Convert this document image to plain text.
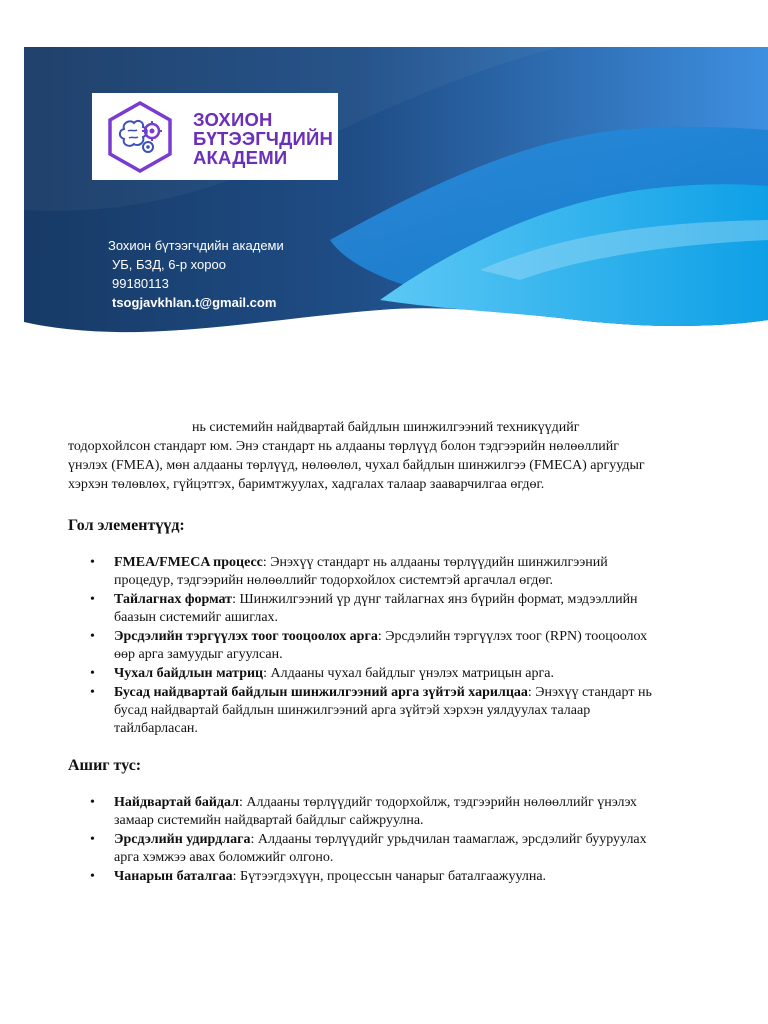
ЗОХИОН
БҮТЭЭГЧДИЙН
АКАДЕМИ
Зохион бүтээгчдийн академи
УБ, БЗД, 6-р хороо
99180113
tsogjavkhlan.t@gmail.com

нь системийн найдвартай байдлын шинжилгээний техникүүдийг
тодорхойлсон стандарт юм. Энэ стандарт нь алдааны төрлүүд болон тэдгээрийн нөлөөллийг
үнэлэх (FMEA), мөн алдааны төрлүүд, нөлөөлөл, чухал байдлын шинжилгээ (FMECA) аргуудыг
хэрхэн төлөвлөх, гүйцэтгэх, баримтжуулах, хадгалах талаар зааварчилгаа өгдөг.

Гол элементүүд:
• FMEA/FMECA процесс: Энэхүү стандарт нь алдааны төрлүүдийн шинжилгээний
процедур, тэдгээрийн нөлөөллийг тодорхойлох системтэй аргачлал өгдөг.
• Тайлагнах формат: Шинжилгээний үр дүнг тайлагнах янз бүрийн формат, мэдээллийн
баазын системийг ашиглах.
• Эрсдэлийн тэргүүлэх тоог тооцоолох арга: Эрсдэлийн тэргүүлэх тоог (RPN) тооцоолох
өөр арга замуудыг агуулсан.
• Чухал байдлын матриц: Алдааны чухал байдлыг үнэлэх матрицын арга.
• Бусад найдвартай байдлын шинжилгээний арга зүйтэй харилцаа: Энэхүү стандарт нь
бусад найдвартай байдлын шинжилгээний арга зүйтэй хэрхэн уялдуулах талаар
тайлбарласан.
Ашиг тус:
• Найдвартай байдал: Алдааны төрлүүдийг тодорхойлж, тэдгээрийн нөлөөллийг үнэлэх
замаар системийн найдвартай байдлыг сайжруулна.
• Эрсдэлийн удирдлага: Алдааны төрлүүдийг урьдчилан таамаглаж, эрсдэлийг бууруулах
арга хэмжээ авах боломжийг олгоно.
• Чанарын баталгаа: Бүтээгдэхүүн, процессын чанарыг баталгаажуулна.
